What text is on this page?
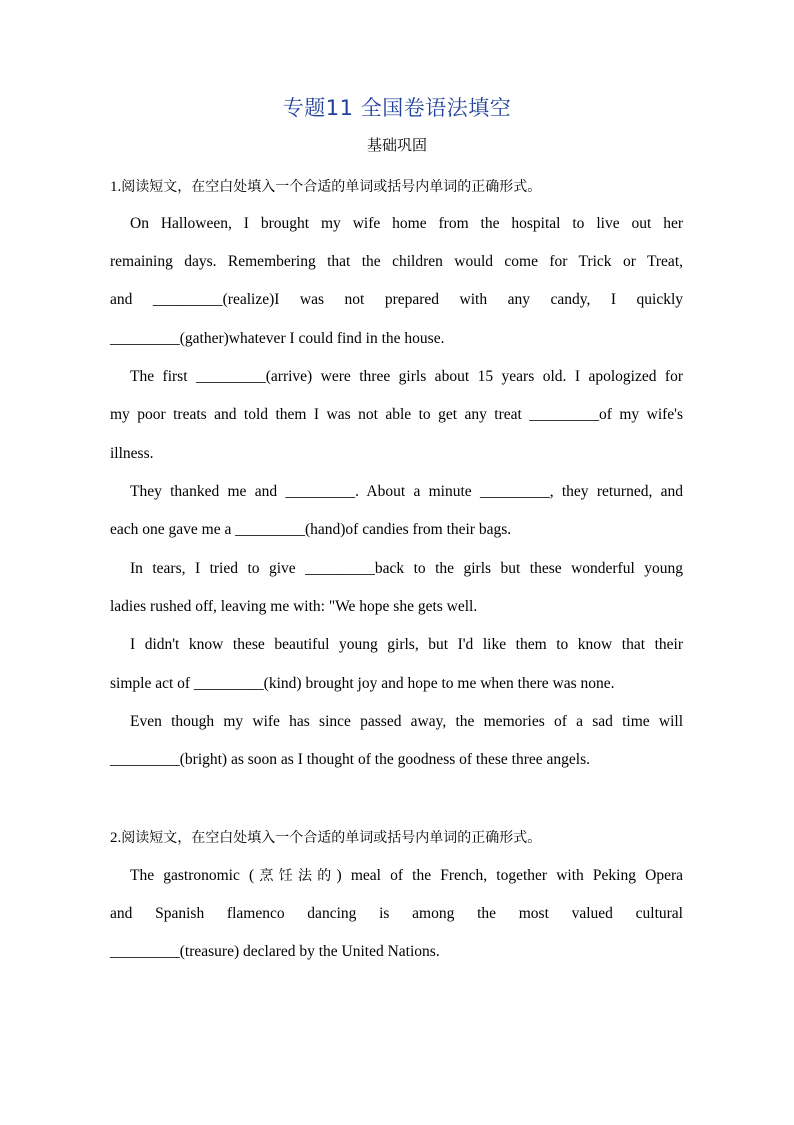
专题11 全国卷语法填空
基础巩固
1.阅读短文，在空白处填入一个合适的单词或括号内单词的正确形式。
On Halloween, I brought my wife home from the hospital to live out her
remaining days. Remembering that the children would come for Trick or Treat,
and _________(realize)I was not prepared with any candy, I quickly
_________(gather)whatever I could find in the house.
The first _________(arrive) were three girls about 15 years old. I apologized for
my poor treats and told them I was not able to get any treat _________of my wife's
illness.
They thanked me and _________. About a minute _________, they returned, and
each one gave me a _________(hand)of candies from their bags.
In tears, I tried to give _________back to the girls but these wonderful young
ladies rushed off, leaving me with: "We hope she gets well.
I didn't know these beautiful young girls, but I'd like them to know that their
simple act of _________(kind) brought joy and hope to me when there was none.
Even though my wife has since passed away, the memories of a sad time will
_________(bright) as soon as I thought of the goodness of these three angels.
2.阅读短文，在空白处填入一个合适的单词或括号内单词的正确形式。
The gastronomic (烹饪法的) meal of the French, together with Peking Opera
and Spanish flamenco dancing is among the most valued cultural
_________(treasure) declared by the United Nations.
